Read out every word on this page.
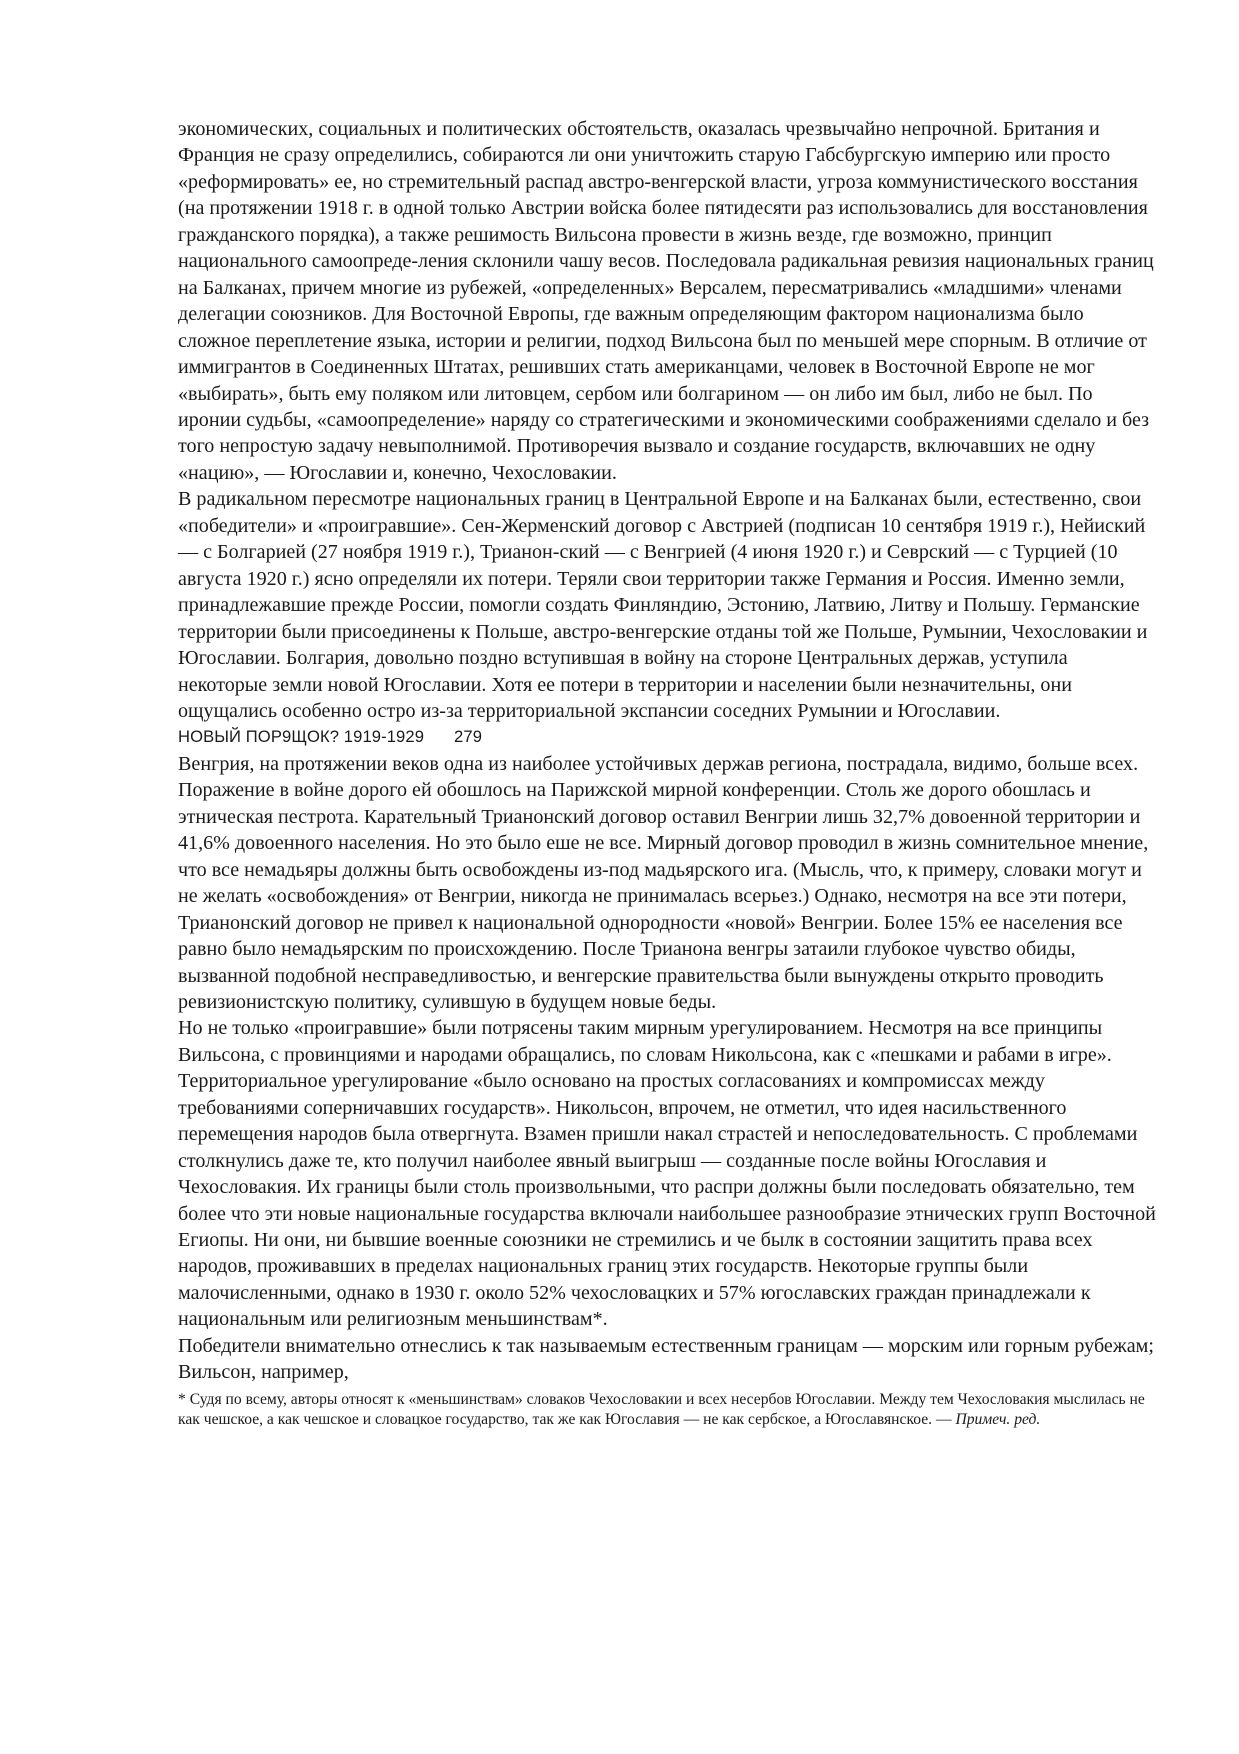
экономических, социальных и политических обстоятельств, оказалась чрезвычайно непрочной. Британия и Франция не сразу определились, собираются ли они уничтожить старую Габсбургскую империю или просто «реформировать» ее, но стремительный распад австро-венгерской власти, угроза коммунистического восстания (на протяжении 1918 г. в одной только Австрии войска более пятидесяти раз использовались для восстановления гражданского порядка), а также решимость Вильсона провести в жизнь везде, где возможно, принцип национального самоопреде-ления склонили чашу весов. Последовала радикальная ревизия национальных границ на Балканах, причем многие из рубежей, «определенных» Версалем, пересматривались «младшими» членами делегации союзников. Для Восточной Европы, где важным определяющим фактором национализма было сложное переплетение языка, истории и религии, подход Вильсона был по меньшей мере спорным. В отличие от иммигрантов в Соединенных Штатах, решивших стать американцами, человек в Восточной Европе не мог «выбирать», быть ему поляком или литовцем, сербом или болгарином — он либо им был, либо не был. По иронии судьбы, «самоопределение» наряду со стратегическими и экономическими соображениями сделало и без того непростую задачу невыполнимой. Противоречия вызвало и создание государств, включавших не одну «нацию», — Югославии и, конечно, Чехословакии.

В радикальном пересмотре национальных границ в Центральной Европе и на Балканах были, естественно, свои «победители» и «проигравшие». Сен-Жерменский договор с Австрией (подписан 10 сентября 1919 г.), Нейиский — с Болгарией (27 ноября 1919 г.), Трианон-ский — с Венгрией (4 июня 1920 г.) и Севрский — с Турцией (10 августа 1920 г.) ясно определяли их потери. Теряли свои территории также Германия и Россия. Именно земли, принадлежавшие прежде России, помогли создать Финляндию, Эстонию, Латвию, Литву и Польшу. Германские территории были присоединены к Польше, австро-венгерские отданы той же Польше, Румынии, Чехословакии и Югославии. Болгария, довольно поздно вступившая в войну на стороне Центральных держав, уступила некоторые земли новой Югославии. Хотя ее потери в территории и населении были незначительны, они ощущались особенно остро из-за территориальной экспансии соседних Румынии и Югославии.

НОВЫЙ ПОР9ЩОК? 1919-1929 279

Венгрия, на протяжении веков одна из наиболее устойчивых держав региона, пострадала, видимо, больше всех. Поражение в войне дорого ей обошлось на Парижской мирной конференции. Столь же дорого обошлась и этническая пестрота. Карательный Трианонский договор оставил Венгрии лишь 32,7% довоенной территории и 41,6% довоенного населения. Но это было еше не все. Мирный договор проводил в жизнь сомнительное мнение, что все немадьяры должны быть освобождены из-под мадьярского ига. (Мысль, что, к примеру, словаки могут и не желать «освобождения» от Венгрии, никогда не принималась всерьез.) Однако, несмотря на все эти потери, Трианонский договор не привел к национальной однородности «новой» Венгрии. Более 15% ее населения все равно было немадьярским по происхождению. После Трианона венгры затаили глубокое чувство обиды, вызванной подобной несправедливостью, и венгерские правительства были вынуждены открыто проводить ревизионистскую политику, сулившую в будущем новые беды.

Но не только «проигравшие» были потрясены таким мирным урегулированием. Несмотря на все принципы Вильсона, с провинциями и народами обращались, по словам Никольсона, как с «пешками и рабами в игре». Территориальное урегулирование «было основано на простых согласованиях и компромиссах между требованиями соперничавших государств». Никольсон, впрочем, не отметил, что идея насильственного перемещения народов была отвергнута. Взамен пришли накал страстей и непоследовательность. С проблемами столкнулись даже те, кто получил наиболее явный выигрыш — созданные после войны Югославия и Чехословакия. Их границы были столь произвольными, что распри должны были последовать обязательно, тем более что эти новые национальные государства включали наибольшее разнообразие этнических групп Восточной Егиопы. Ни они, ни бывшие военные союзники не стремились и че былк в состоянии защитить права всех народов, проживавших в пределах национальных границ этих государств. Некоторые группы были малочисленными, однако в 1930 г. около 52% чехословацких и 57% югославских граждан принадлежали к национальным или религиозным меньшинствам*.

Победители внимательно отнеслись к так называемым естественным границам — морским или горным рубежам; Вильсон, например,

* Судя по всему, авторы относят к «меньшинствам» словаков Чехословакии и всех несербов Югославии. Между тем Чехословакия мыслилась не как чешское, а как чешское и словацкое государство, так же как Югославия — не как сербское, а Югославянское. — Примеч. ред.
